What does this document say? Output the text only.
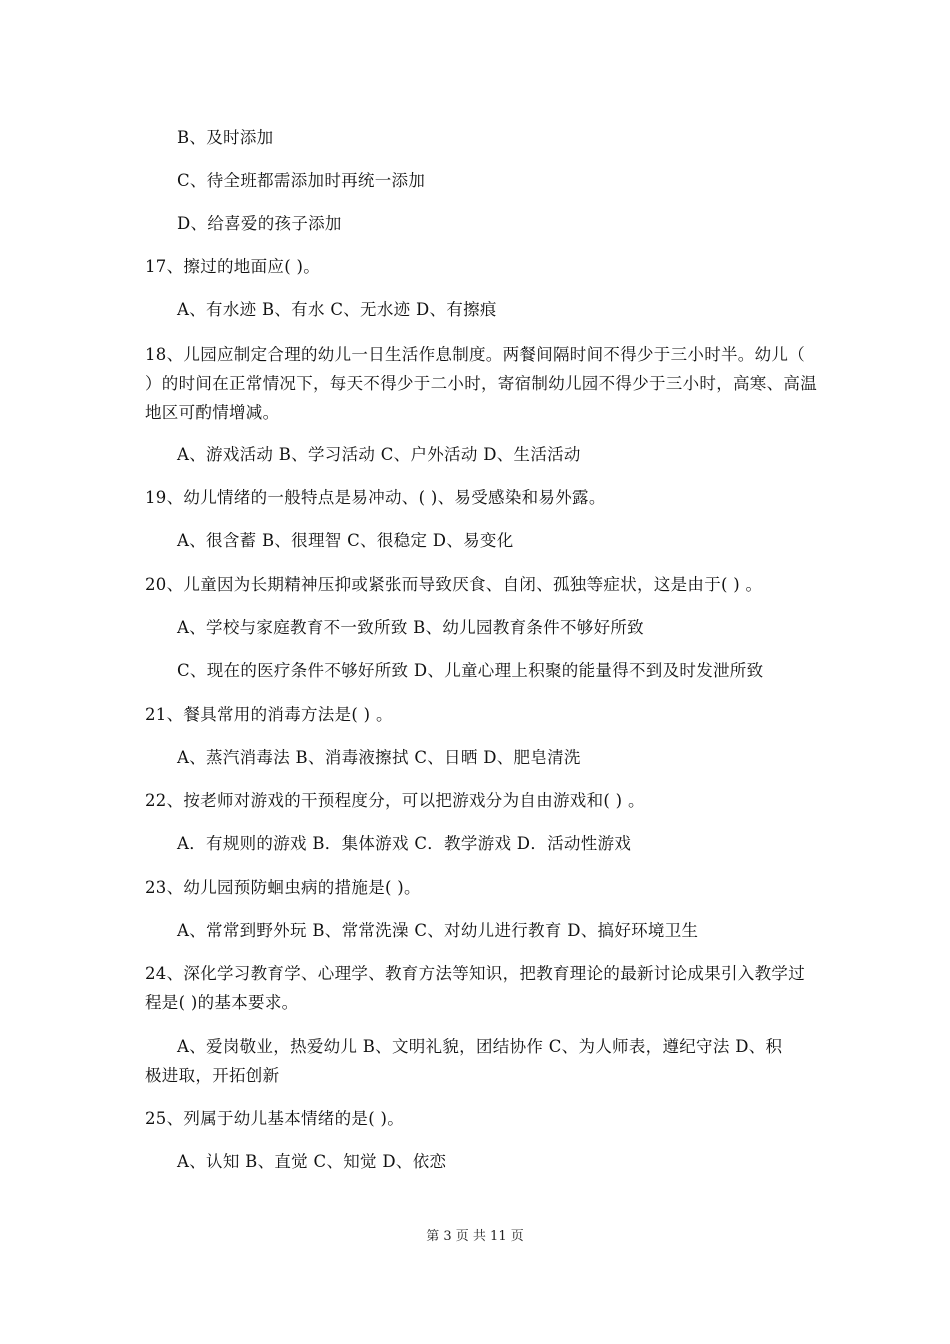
B、及时添加
C、待全班都需添加时再统一添加
D、给喜爱的孩子添加
17、擦过的地面应( )。
A、有水迹 B、有水 C、无水迹 D、有擦痕
18、儿园应制定合理的幼儿一日生活作息制度。两餐间隔时间不得少于三小时半。幼儿（
）的时间在正常情况下，每天不得少于二小时，寄宿制幼儿园不得少于三小时，高寒、高温
地区可酌情增减。
A、游戏活动 B、学习活动 C、户外活动 D、生活活动
19、幼儿情绪的一般特点是易冲动、( )、易受感染和易外露。
A、很含蓄 B、很理智 C、很稳定 D、易变化
20、儿童因为长期精神压抑或紧张而导致厌食、自闭、孤独等症状，这是由于( ) 。
A、学校与家庭教育不一致所致 B、幼儿园教育条件不够好所致
C、现在的医疗条件不够好所致 D、儿童心理上积聚的能量得不到及时发泄所致
21、餐具常用的消毒方法是( ) 。
A、蒸汽消毒法 B、消毒液擦拭 C、日晒 D、肥皂清洗
22、按老师对游戏的干预程度分，可以把游戏分为自由游戏和( ) 。
A．有规则的游戏 B．集体游戏 C．教学游戏 D．活动性游戏
23、幼儿园预防蛔虫病的措施是( )。
A、常常到野外玩 B、常常洗澡 C、对幼儿进行教育 D、搞好环境卫生
24、深化学习教育学、心理学、教育方法等知识，把教育理论的最新讨论成果引入教学过
程是( )的基本要求。
A、爱岗敬业，热爱幼儿 B、文明礼貌，团结协作 C、为人师表，遵纪守法 D、积
极进取，开拓创新
25、列属于幼儿基本情绪的是( )。
A、认知 B、直觉 C、知觉 D、依恋
第 3 页 共 11 页
